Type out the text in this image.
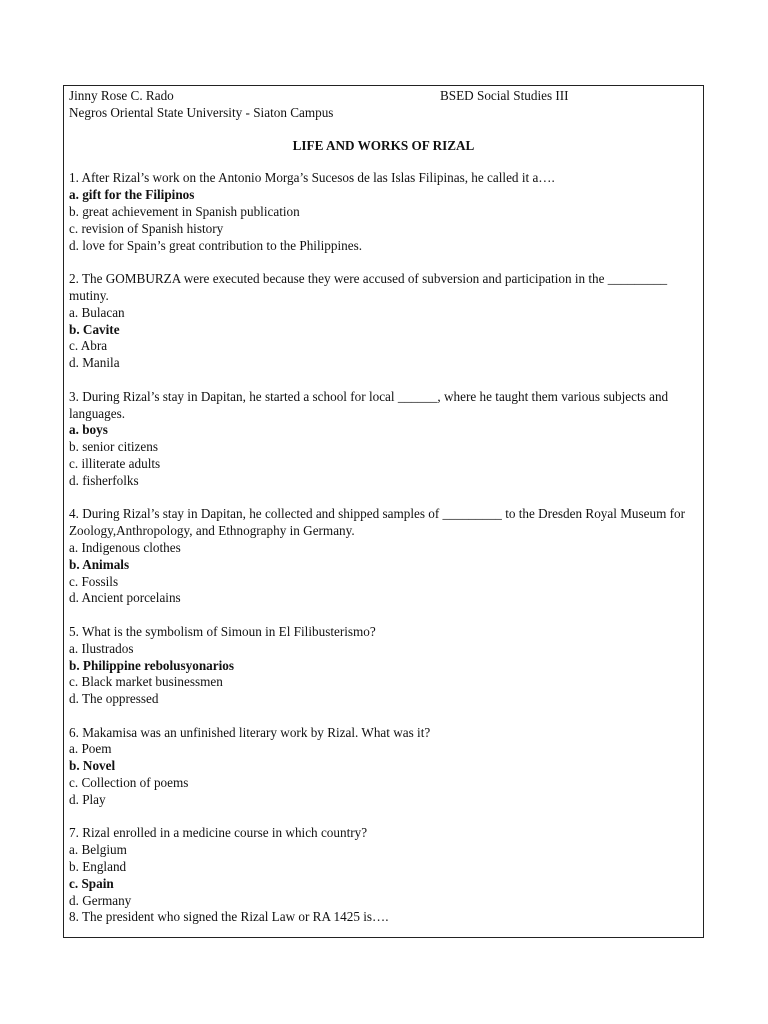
Jinny Rose C. Rado	BSED Social Studies III
Negros Oriental State University - Siaton Campus
LIFE AND WORKS OF RIZAL
1. After Rizal’s work on the Antonio Morga’s Sucesos de las Islas Filipinas, he called it a….
a. gift for the Filipinos
b. great achievement in Spanish publication
c. revision of Spanish history
d. love for Spain’s great contribution to the Philippines.
2. The GOMBURZA were executed because they were accused of subversion and participation in the _________ mutiny.
a. Bulacan
b. Cavite
c. Abra
d. Manila
3. During Rizal’s stay in Dapitan, he started a school for local ______, where he taught them various subjects and languages.
a. boys
b. senior citizens
c. illiterate adults
d. fisherfolks
4. During Rizal’s stay in Dapitan, he collected and shipped samples of _________ to the Dresden Royal Museum for Zoology,Anthropology, and Ethnography in Germany.
a. Indigenous clothes
b. Animals
c. Fossils
d. Ancient porcelains
5. What is the symbolism of Simoun in El Filibusterismo?
a. Ilustrados
b. Philippine rebolusyonarios
c. Black market businessmen
d. The oppressed
6. Makamisa was an unfinished literary work by Rizal. What was it?
a. Poem
b. Novel
c. Collection of poems
d. Play
7. Rizal enrolled in a medicine course in which country?
a. Belgium
b. England
c. Spain
d. Germany
8. The president who signed the Rizal Law or RA 1425 is….
